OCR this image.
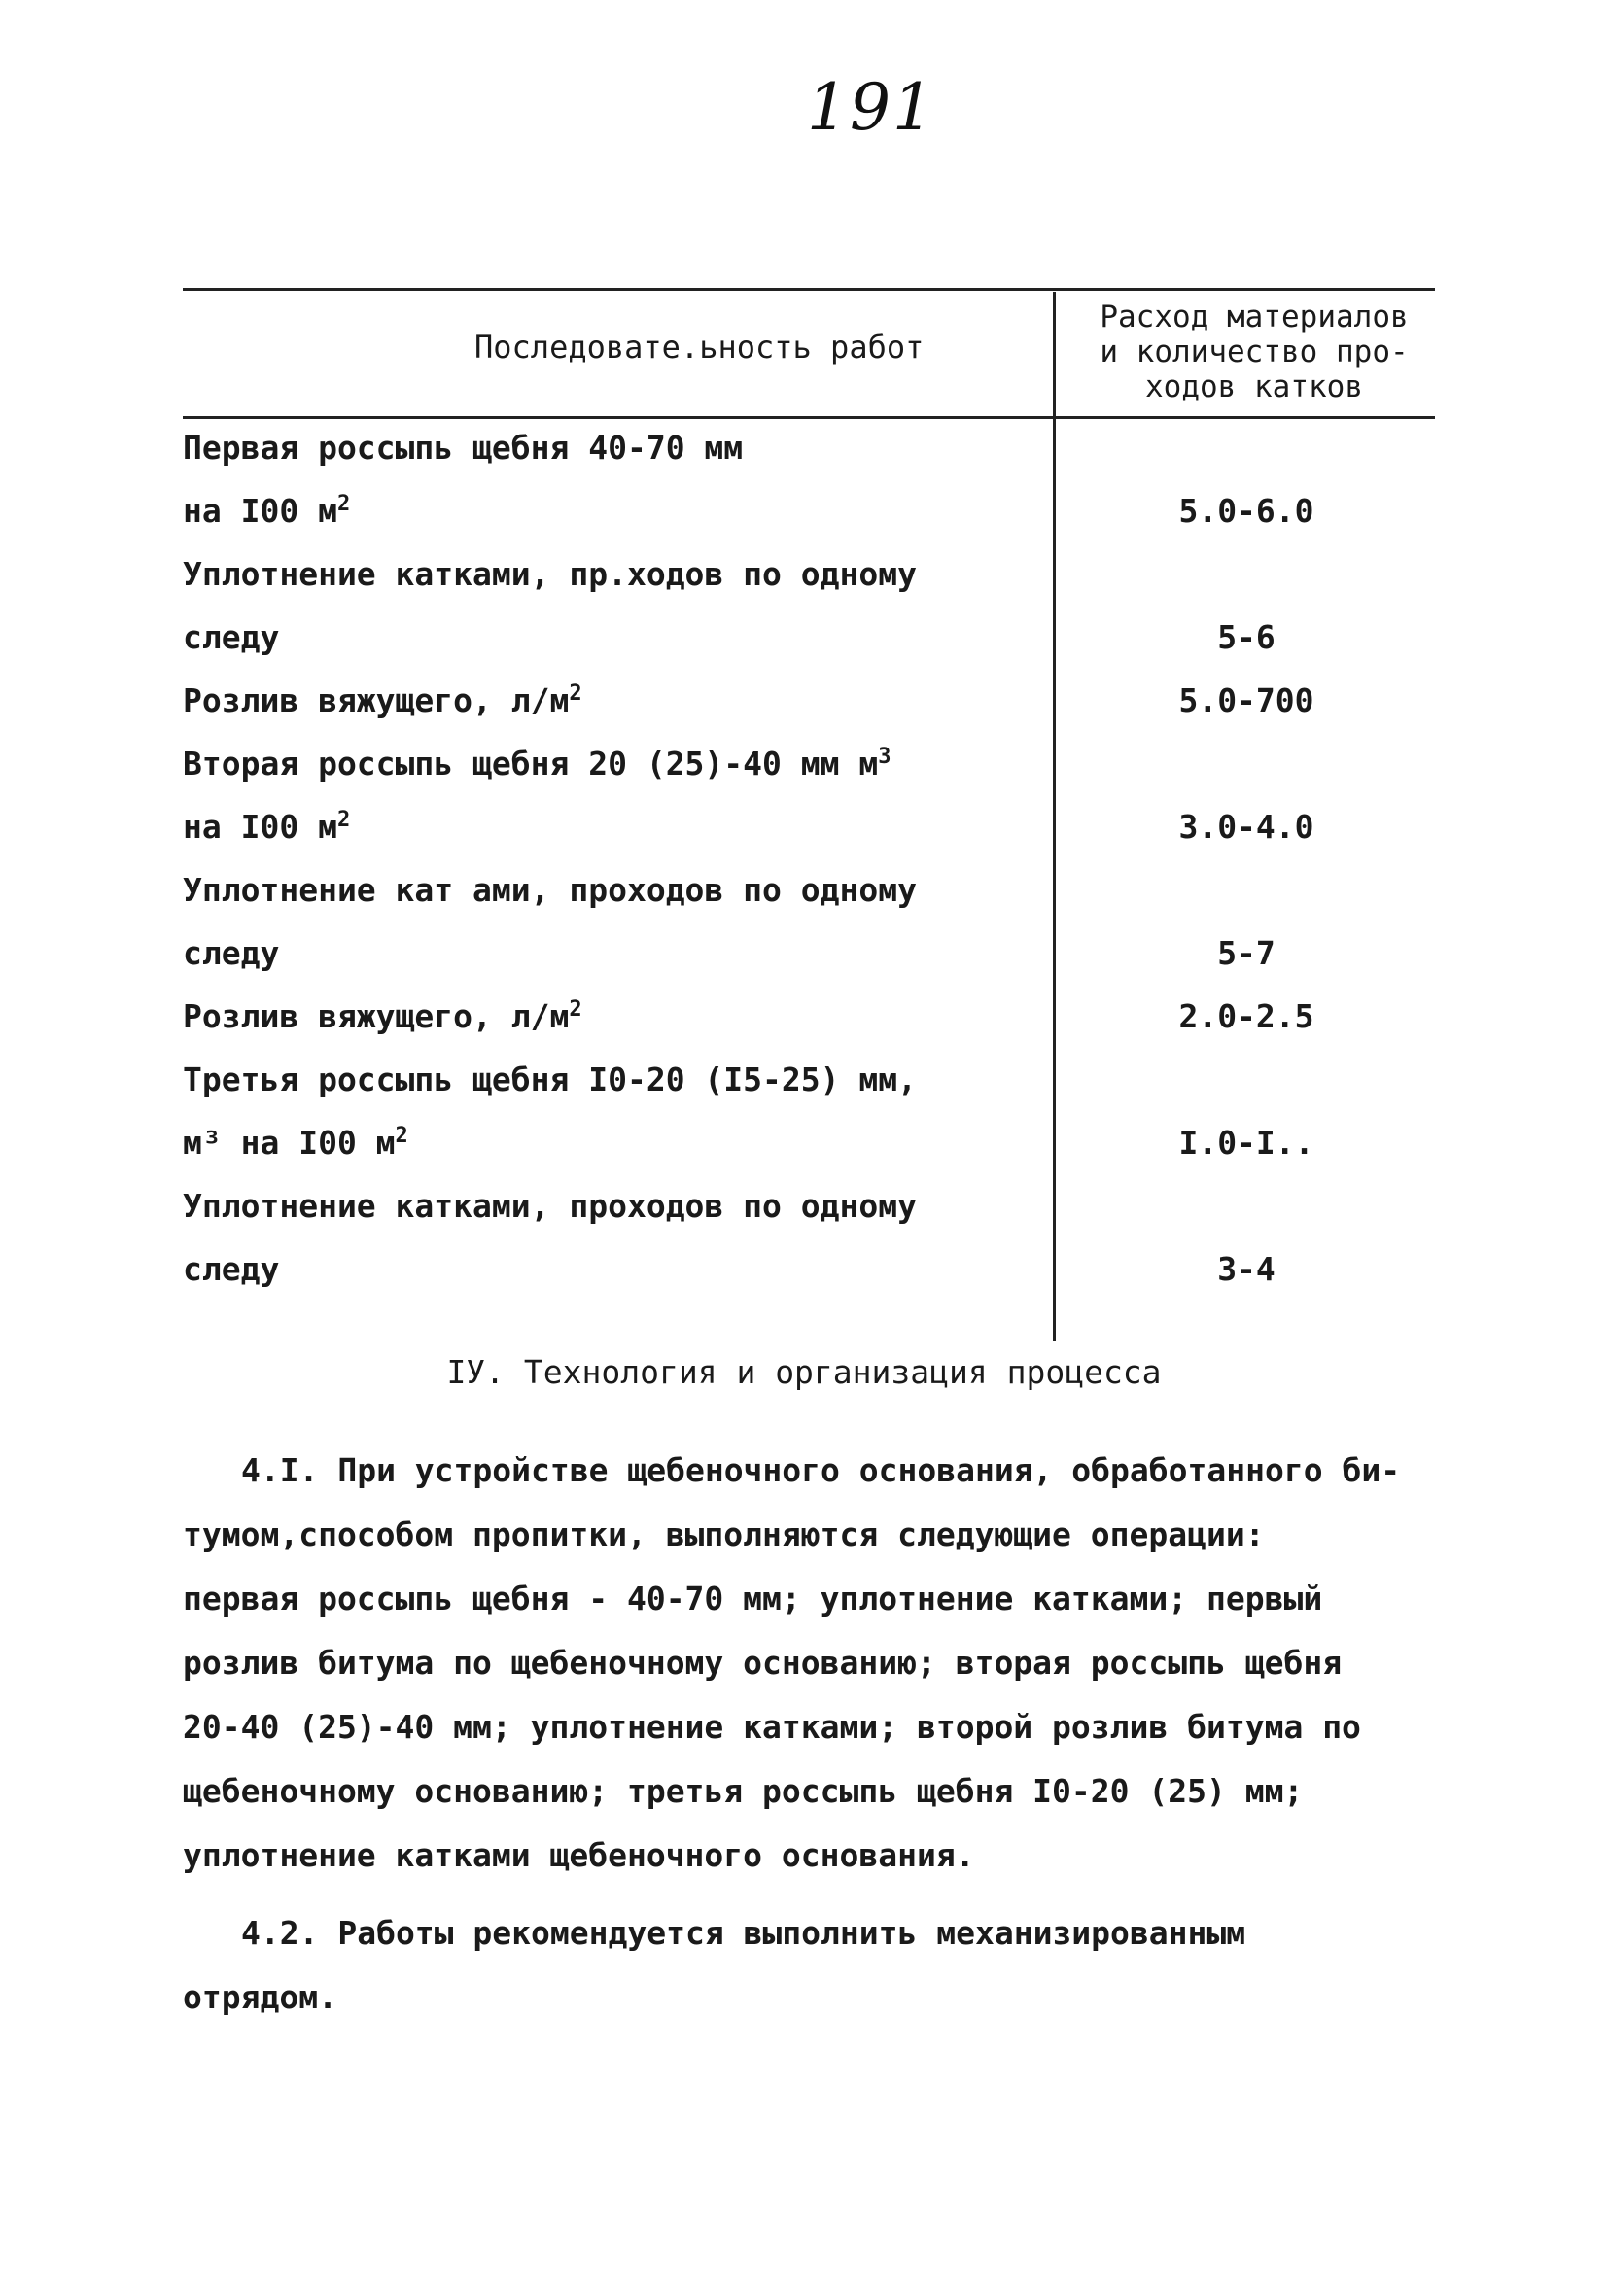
191
Последовате.ьность работ
Расход материалов
и количество про-
ходов катков
Первая россыпь щебня 40-70 мм
на I00 $м^2$	5.0-6.0
Уплотнение катками, пр.ходов по одному
следу	5-6
Розлив вяжущего, $л/м^2$	5.0-700
Вторая россыпь щебня 20 (25)-40 мм $м^3$
на I00 $м^2$	3.0-4.0
Уплотнение кат ами, проходов по одному
следу	5-7
Розлив вяжущего, $л/м^2$	2.0-2.5
Третья россыпь щебня I0-20 (I5-25) мм,
м³ на I00 $м^2$	I.0-I..
Уплотнение катками, проходов по одному
следу	3-4
IУ. Технология и организация процесса
4.I. При устройстве щебеночного основания, обработанного би-
тумом,способом пропитки, выполняются следующие операции:
первая россыпь щебня - 40-70 мм; уплотнение катками; первый
розлив битума по щебеночному основанию; вторая россыпь щебня
20-40 (25)-40 мм; уплотнение катками; второй розлив битума по
щебеночному основанию; третья россыпь щебня I0-20 (25) мм;
уплотнение катками щебеночного основания.
4.2. Работы рекомендуется выполнить механизированным
отрядом.
